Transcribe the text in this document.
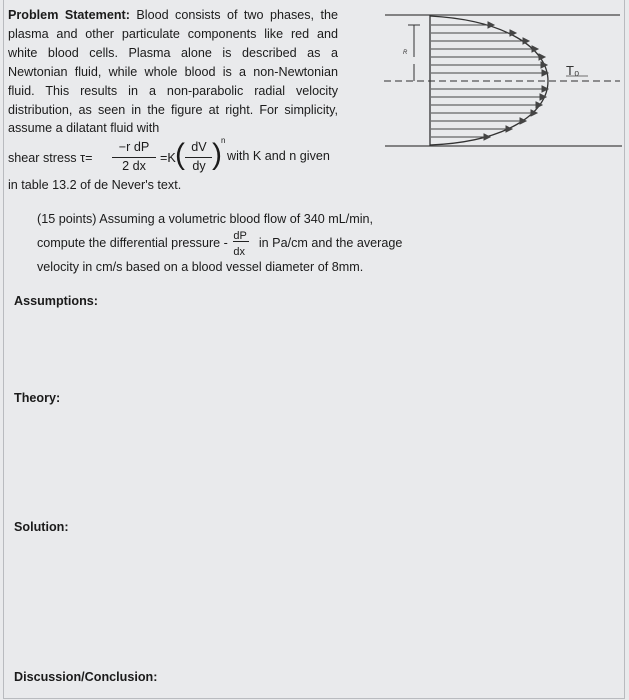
Problem Statement: Blood consists of two phases, the plasma and other particulate components like red and white blood cells. Plasma alone is described as a Newtonian fluid, while whole blood is a non-Newtonian fluid. This results in a non-parabolic radial velocity distribution, as seen in the figure at right. For simplicity, assume a dilatant fluid with
shear stress τ=
−r dP
2 dx
=K ( dV
dy ) n
with K and n given
in table 13.2 of de Never's text.
(15 points) Assuming a volumetric blood flow of 340 mL/min,
compute the differential pressure - $\frac{dP}{dx}$ in Pa/cm and the average
velocity in cm/s based on a blood vessel diameter of 8mm.
Assumptions:
Theory:
Solution:
Discussion/Conclusion:
R
T₀
